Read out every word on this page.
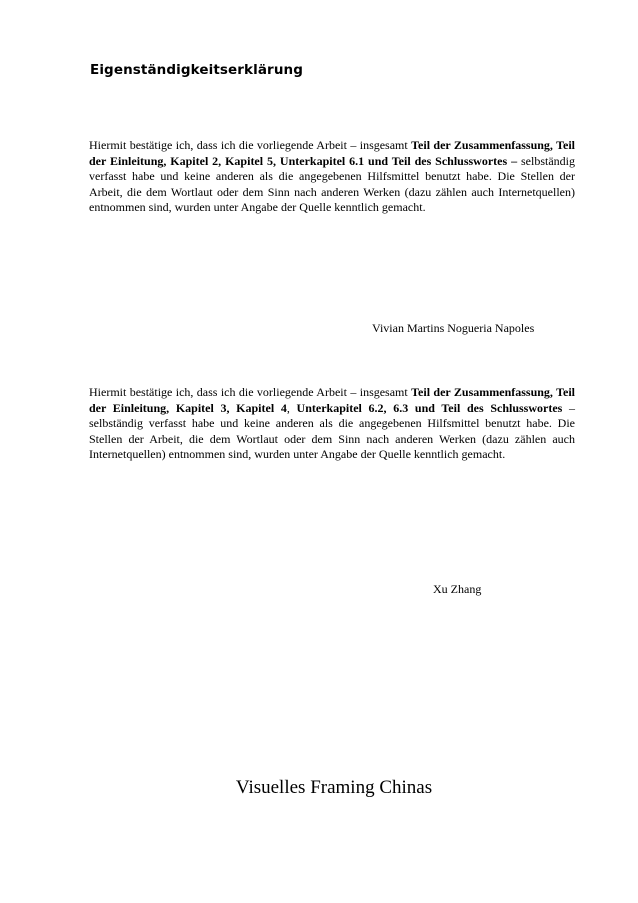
Eigenständigkeitserklärung

Hiermit bestätige ich, dass ich die vorliegende Arbeit – insgesamt Teil der Zusammenfassung, Teil der Einleitung, Kapitel 2, Kapitel 5, Unterkapitel 6.1 und Teil des Schlusswortes – selbständig verfasst habe und keine anderen als die angegebenen Hilfsmittel benutzt habe. Die Stellen der Arbeit, die dem Wortlaut oder dem Sinn nach anderen Werken (dazu zählen auch Internetquellen) entnommen sind, wurden unter Angabe der Quelle kenntlich gemacht.

Vivian Martins Nogueria Napoles

Hiermit bestätige ich, dass ich die vorliegende Arbeit – insgesamt Teil der Zusammenfassung, Teil der Einleitung, Kapitel 3, Kapitel 4, Unterkapitel 6.2, 6.3 und Teil des Schlusswortes – selbständig verfasst habe und keine anderen als die angegebenen Hilfsmittel benutzt habe. Die Stellen der Arbeit, die dem Wortlaut oder dem Sinn nach anderen Werken (dazu zählen auch Internetquellen) entnommen sind, wurden unter Angabe der Quelle kenntlich gemacht.

Xu Zhang

Visuelles Framing Chinas
